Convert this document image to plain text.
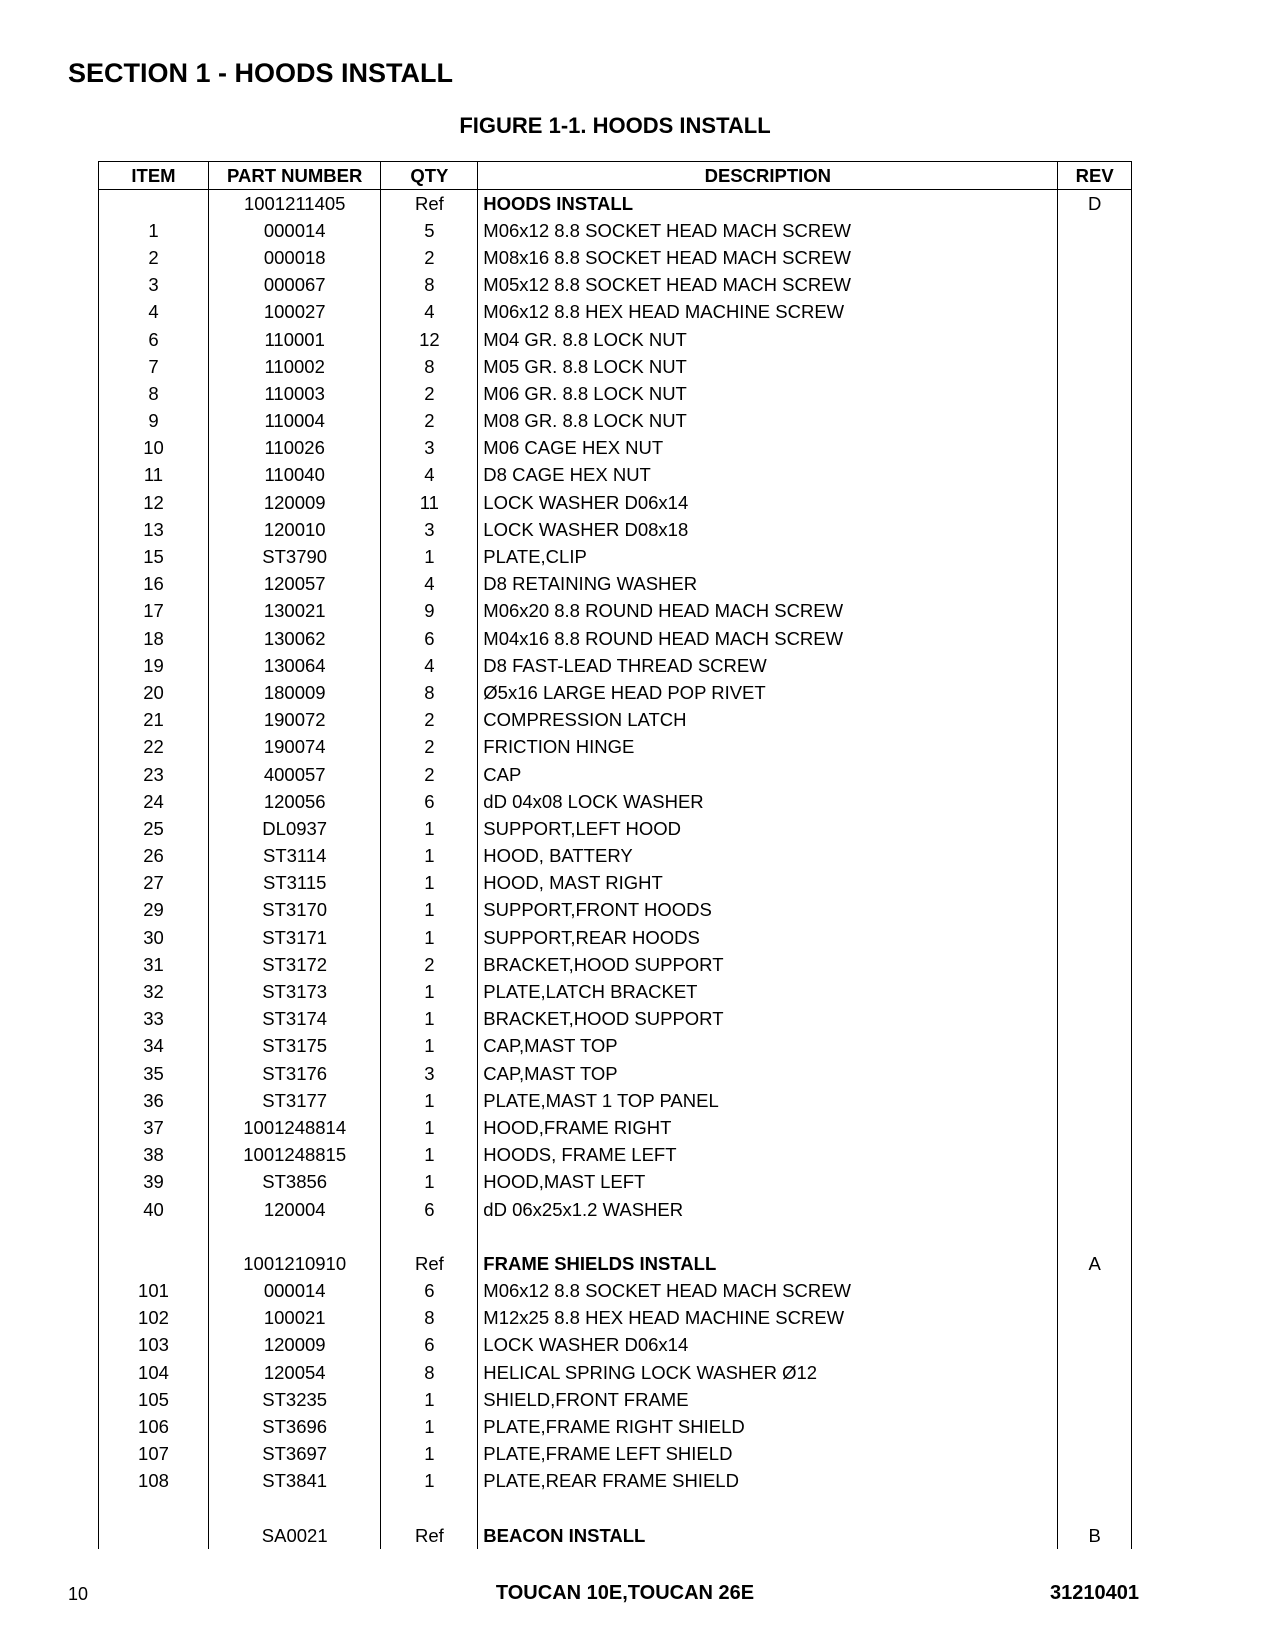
SECTION 1 - HOODS INSTALL
FIGURE 1-1. HOODS INSTALL
ITEM	PART NUMBER	QTY	DESCRIPTION	REV
	1001211405	Ref	HOODS INSTALL	D
1	000014	5	M06x12 8.8 SOCKET HEAD MACH SCREW	
2	000018	2	M08x16 8.8 SOCKET HEAD MACH SCREW	
3	000067	8	M05x12 8.8 SOCKET HEAD MACH SCREW	
4	100027	4	M06x12 8.8 HEX HEAD MACHINE SCREW	
6	110001	12	M04 GR. 8.8 LOCK NUT	
7	110002	8	M05 GR. 8.8 LOCK NUT	
8	110003	2	M06 GR. 8.8 LOCK NUT	
9	110004	2	M08 GR. 8.8 LOCK NUT	
10	110026	3	M06 CAGE HEX NUT	
11	110040	4	D8 CAGE HEX NUT	
12	120009	11	LOCK WASHER D06x14	
13	120010	3	LOCK WASHER D08x18	
15	ST3790	1	PLATE,CLIP	
16	120057	4	D8 RETAINING WASHER	
17	130021	9	M06x20 8.8 ROUND HEAD MACH SCREW	
18	130062	6	M04x16 8.8 ROUND HEAD MACH SCREW	
19	130064	4	D8 FAST-LEAD THREAD SCREW	
20	180009	8	Ø5x16 LARGE HEAD POP RIVET	
21	190072	2	COMPRESSION LATCH	
22	190074	2	FRICTION HINGE	
23	400057	2	CAP	
24	120056	6	dD 04x08 LOCK WASHER	
25	DL0937	1	SUPPORT,LEFT HOOD	
26	ST3114	1	HOOD, BATTERY	
27	ST3115	1	HOOD, MAST RIGHT	
29	ST3170	1	SUPPORT,FRONT HOODS	
30	ST3171	1	SUPPORT,REAR HOODS	
31	ST3172	2	BRACKET,HOOD SUPPORT	
32	ST3173	1	PLATE,LATCH BRACKET	
33	ST3174	1	BRACKET,HOOD SUPPORT	
34	ST3175	1	CAP,MAST TOP	
35	ST3176	3	CAP,MAST TOP	
36	ST3177	1	PLATE,MAST 1 TOP PANEL	
37	1001248814	1	HOOD,FRAME RIGHT	
38	1001248815	1	HOODS, FRAME LEFT	
39	ST3856	1	HOOD,MAST LEFT	
40	120004	6	dD 06x25x1.2 WASHER	

	1001210910	Ref	FRAME SHIELDS INSTALL	A
101	000014	6	M06x12 8.8 SOCKET HEAD MACH SCREW	
102	100021	8	M12x25 8.8 HEX HEAD MACHINE SCREW	
103	120009	6	LOCK WASHER D06x14	
104	120054	8	HELICAL SPRING LOCK WASHER Ø12	
105	ST3235	1	SHIELD,FRONT FRAME	
106	ST3696	1	PLATE,FRAME RIGHT SHIELD	
107	ST3697	1	PLATE,FRAME LEFT SHIELD	
108	ST3841	1	PLATE,REAR FRAME SHIELD	

	SA0021	Ref	BEACON INSTALL	B
10	TOUCAN 10E,TOUCAN 26E	31210401
